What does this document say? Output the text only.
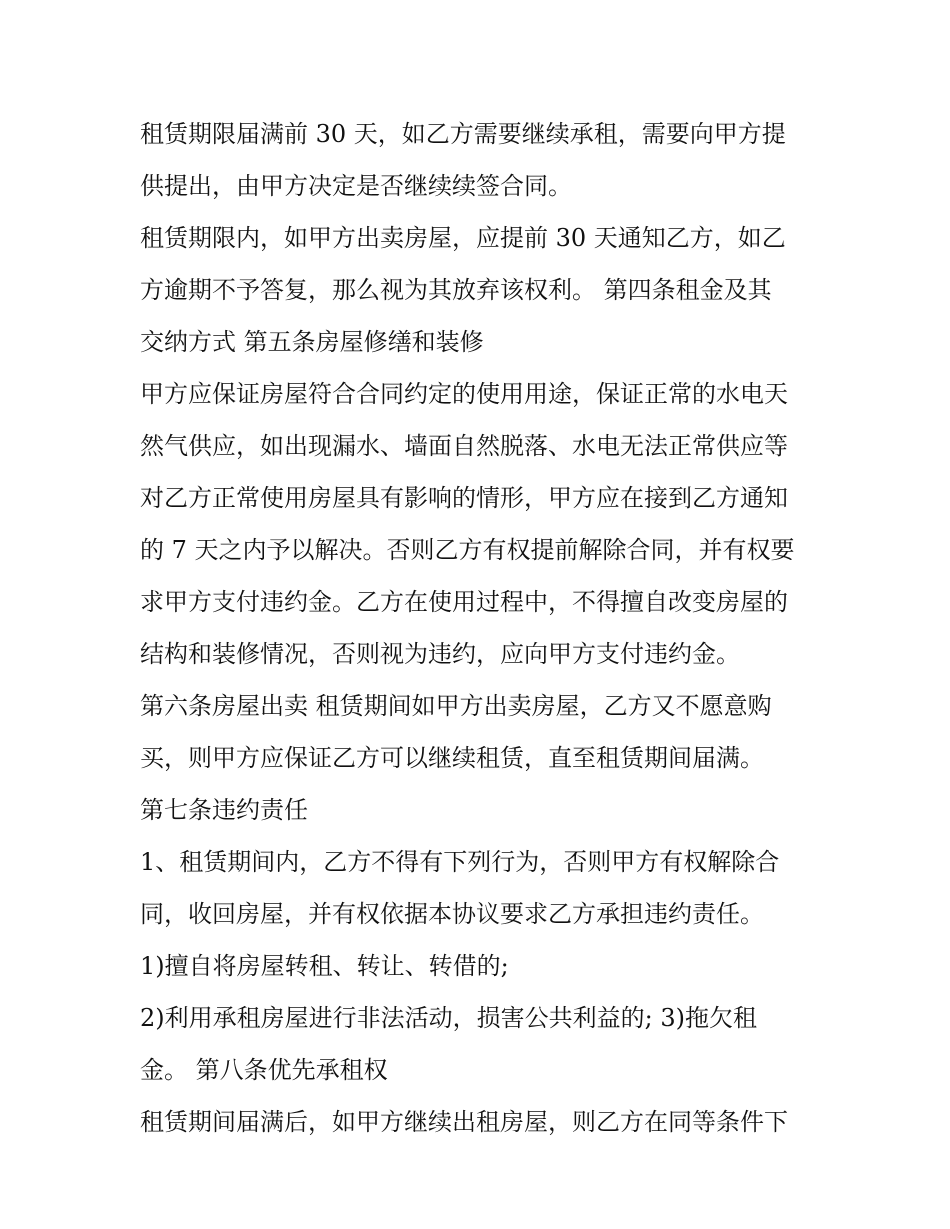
租赁期限届满前 30 天，如乙方需要继续承租，需要向甲方提
供提出，由甲方决定是否继续续签合同。
租赁期限内，如甲方出卖房屋，应提前 30 天通知乙方，如乙
方逾期不予答复，那么视为其放弃该权利。 第四条租金及其
交纳方式 第五条房屋修缮和装修
甲方应保证房屋符合合同约定的使用用途，保证正常的水电天
然气供应，如出现漏水、墙面自然脱落、水电无法正常供应等
对乙方正常使用房屋具有影响的情形，甲方应在接到乙方通知
的 7 天之内予以解决。否则乙方有权提前解除合同，并有权要
求甲方支付违约金。乙方在使用过程中，不得擅自改变房屋的
结构和装修情况，否则视为违约，应向甲方支付违约金。
第六条房屋出卖 租赁期间如甲方出卖房屋，乙方又不愿意购
买，则甲方应保证乙方可以继续租赁，直至租赁期间届满。
第七条违约责任
1、租赁期间内，乙方不得有下列行为，否则甲方有权解除合
同，收回房屋，并有权依据本协议要求乙方承担违约责任。
1)擅自将房屋转租、转让、转借的;
2)利用承租房屋进行非法活动，损害公共利益的; 3)拖欠租
金。 第八条优先承租权
租赁期间届满后，如甲方继续出租房屋，则乙方在同等条件下
